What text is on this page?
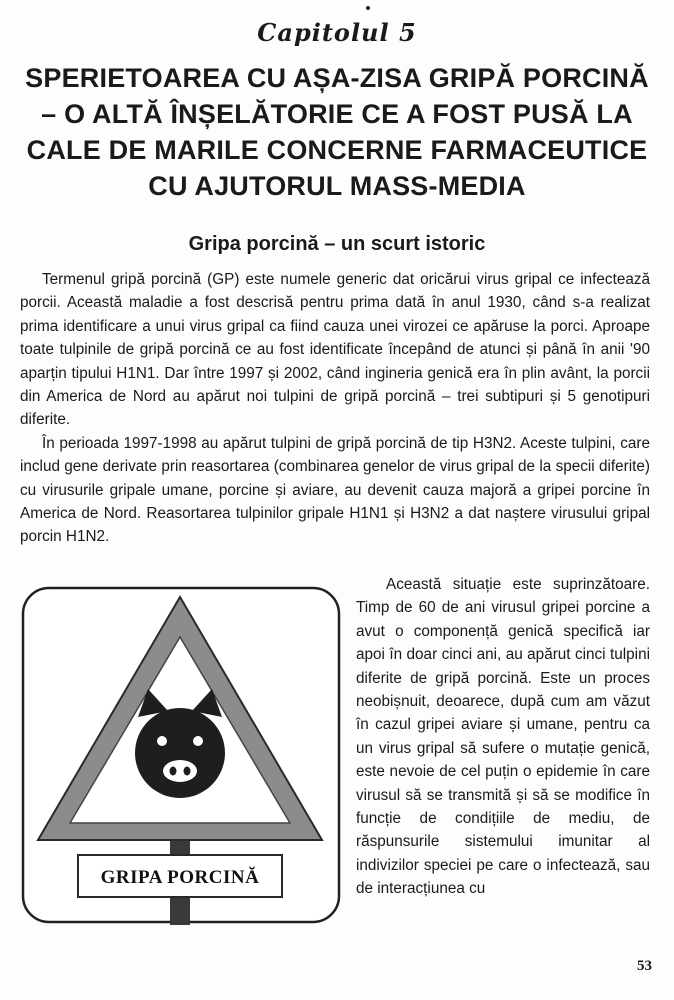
Capitolul 5
SPERIETOAREA CU AȘA-ZISA GRIPĂ PORCINĂ
– O ALTĂ ÎNȘELĂTORIE CE A FOST PUSĂ LA
CALE DE MARILE CONCERNE FARMACEUTICE
CU AJUTORUL MASS-MEDIA
Gripa porcină – un scurt istoric

Termenul gripă porcină (GP) este numele generic dat oricărui virus gripal ce infectează porcii. Această maladie a fost descrisă pentru prima dată în anul 1930, când s-a realizat prima identificare a unui virus gripal ca fiind cauza unei virozei ce apăruse la porci. Aproape toate tulpinile de gripă porcină ce au fost identificate începând de atunci și până în anii '90 aparțin tipului H1N1. Dar între 1997 și 2002, când ingineria genică era în plin avânt, la porcii din America de Nord au apărut noi tulpini de gripă porcină – trei subtipuri și 5 genotipuri diferite.

În perioada 1997-1998 au apărut tulpini de gripă porcină de tip H3N2. Aceste tulpini, care includ gene derivate prin reasortarea (combinarea genelor de virus gripal de la specii diferite) cu virusurile gripale umane, porcine și aviare, au devenit cauza majoră a gripei porcine în America de Nord. Reasortarea tulpinilor gripale H1N1 și H3N2 a dat naștere virusului gripal porcin H1N2.

GRIPA PORCINĂ

Această situație este suprinzătoare. Timp de 60 de ani virusul gripei porcine a avut o componență genică specifică iar apoi în doar cinci ani, au apărut cinci tulpini diferite de gripă porcină. Este un proces neobișnuit, deoarece, după cum am văzut în cazul gripei aviare și umane, pentru ca un virus gripal să sufere o mutație genică, este nevoie de cel puțin o epidemie în care virusul să se transmită și să se modifice în funcție de condițiile de mediu, de răspunsurile sistemului imunitar al indivizilor speciei pe care o infectează, sau de interacțiunea cu

53
